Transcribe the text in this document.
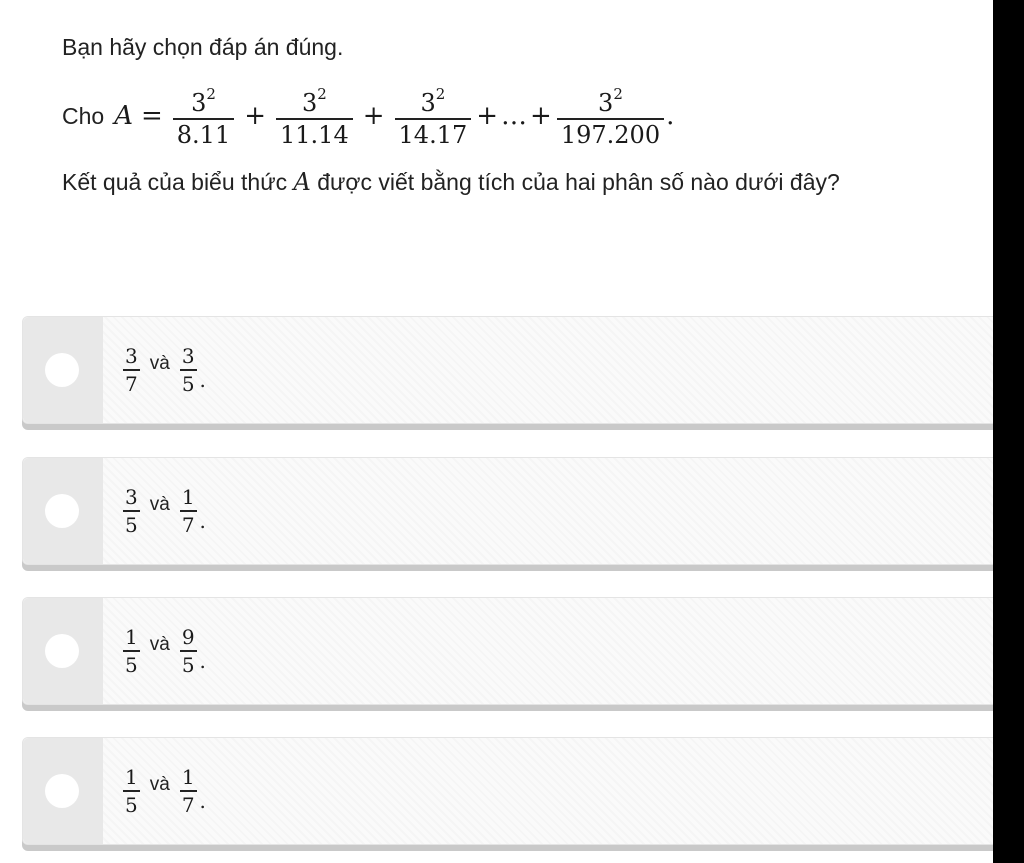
Bạn hãy chọn đáp án đúng.
Cho $A = \frac{3^2}{8.11} + \frac{3^2}{11.14} + \frac{3^2}{14.17}$ + … + $\frac{3^2}{197.200}$ .
Kết quả của biểu thức A được viết bằng tích của hai phân số nào dưới đây?
$\frac{3}{7}$ và $\frac{3}{5}$ .
$\frac{3}{5}$ và $\frac{1}{7}$ .
$\frac{1}{5}$ và $\frac{9}{5}$ .
$\frac{1}{5}$ và $\frac{1}{7}$ .
